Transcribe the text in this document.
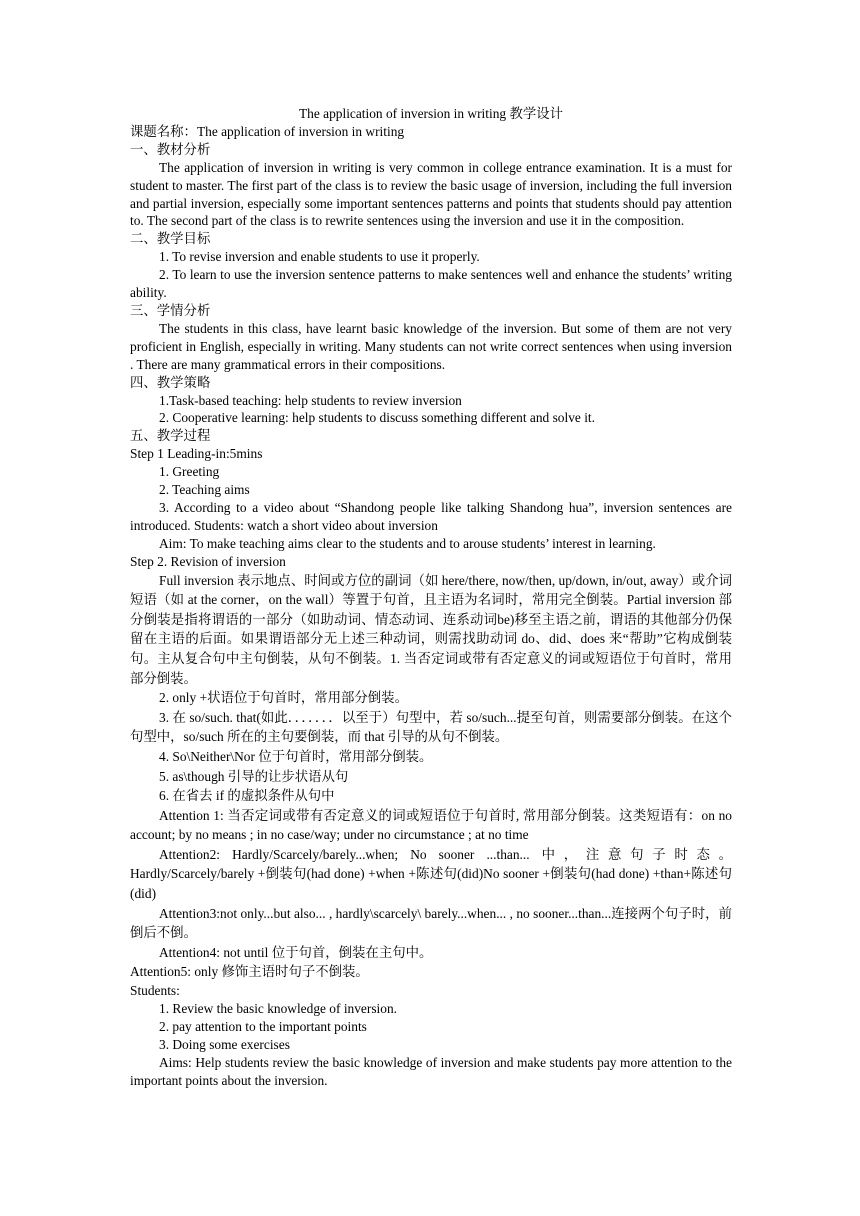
The application of inversion in writing 教学设计

课题名称：The application of inversion in writing

一、教材分析

The application of inversion in writing is very common in college entrance examination. It is a must for student to master. The first part of the class is to review the basic usage of inversion, including the full inversion and partial inversion, especially some important sentences patterns and points that students should pay attention to. The second part of the class is to rewrite sentences using the inversion and use it in the composition.

二、教学目标

1. To revise inversion and enable students to use it properly.

2. To learn to use the inversion sentence patterns to make sentences well and enhance the students’ writing ability.

三、学情分析

The students in this class, have learnt basic knowledge of the inversion. But some of them are not very proficient in English, especially in writing. Many students can not write correct sentences when using inversion . There are many grammatical errors in their compositions.

四、教学策略

1.Task-based teaching: help students to review inversion

2. Cooperative learning: help students to discuss something different and solve it.

五、教学过程

Step 1 Leading-in:5mins

1. Greeting

2. Teaching aims

3. According to a video about “Shandong people like talking Shandong hua”, inversion sentences are introduced. Students: watch a short video about inversion

Aim: To make teaching aims clear to the students and to arouse students’ interest in learning.

Step 2. Revision of inversion

Full inversion 表示地点、时间或方位的副词（如 here/there, now/then, up/down, in/out, away）或介词短语（如 at the corner，on the wall）等置于句首，且主语为名词时，常用完全倒装。Partial inversion 部分倒装是指将谓语的一部分（如助动词、情态动词、连系动词be)移至主语之前，谓语的其他部分仍保留在主语的后面。如果谓语部分无上述三种动词，则需找助动词 do、did、does 来“帮助”它构成倒装句。主从复合句中主句倒装，从句不倒装。1. 当否定词或带有否定意义的词或短语位于句首时，常用部分倒装。

2. only +状语位于句首时，常用部分倒装。

3. 在 so/such. that(如此．．．．．．．以至于）句型中，若 so/such...提至句首，则需要部分倒装。在这个句型中，so/such 所在的主句要倒装，而 that 引导的从句不倒装。

4. So\Neither\Nor 位于句首时，常用部分倒装。

5. as\though 引导的让步状语从句

6. 在省去 if 的虚拟条件从句中

Attention 1: 当否定词或带有否定意义的词或短语位于句首时, 常用部分倒装。这类短语有：on no account; by no means ; in no case/way; under no circumstance ; at no time

Attention2: Hardly/Scarcely/barely...when; No sooner ...than... 中，注意句子时态。Hardly/Scarcely/barely +倒装句(had done) +when +陈述句(did)No sooner +倒装句(had done) +than+陈述句(did)

Attention3:not only...but also... , hardly\scarcely\ barely...when... , no sooner...than...连接两个句子时，前倒后不倒。

Attention4: not until 位于句首，倒装在主句中。

Attention5: only 修饰主语时句子不倒装。

Students:

1. Review the basic knowledge of inversion.

2. pay attention to the important points

3. Doing some exercises

Aims: Help students review the basic knowledge of inversion and make students pay more attention to the important points about the inversion.
